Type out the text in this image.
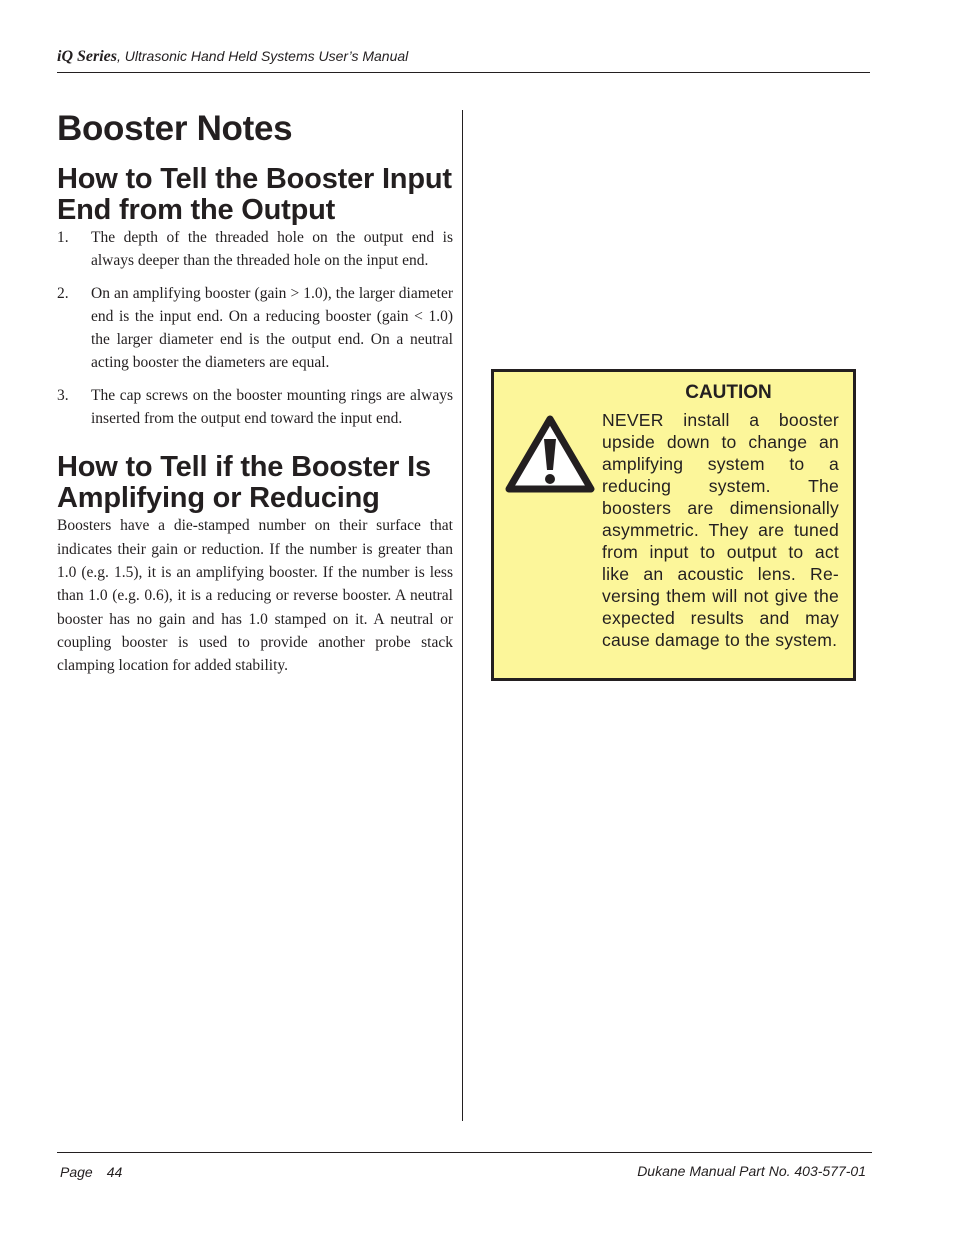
iQ Series, Ultrasonic Hand Held Systems User’s Manual
Booster Notes
How to Tell the Booster Input End from the Output
1. The depth of the threaded hole on the output end is always deeper than the threaded hole on the input end.
2. On an amplifying booster (gain > 1.0), the larger diameter end is the input end. On a reducing booster (gain < 1.0) the larger diameter end is the output end. On a neutral acting booster the diameters are equal.
3. The cap screws on the booster mounting rings are always inserted from the output end toward the input end.
How to Tell if the Booster Is Amplifying or Reducing

Boosters have a die-stamped number on their surface that indicates their gain or reduction. If the number is greater than 1.0 (e.g. 1.5), it is an amplifying booster. If the number is less than 1.0 (e.g. 0.6), it is a reducing or reverse booster. A neutral booster has no gain and has 1.0 stamped on it. A neutral or coupling booster is used to provide another probe stack clamping location for added stability.

CAUTION
NEVER install a booster upside down to change an amplifying system to a reducing system. The boosters are dimensionally asymmetric. They are tuned from input to output to act like an acoustic lens. Re-versing them will not give the expected results and may cause damage to the system.
Page 44	Dukane Manual Part No. 403-577-01
